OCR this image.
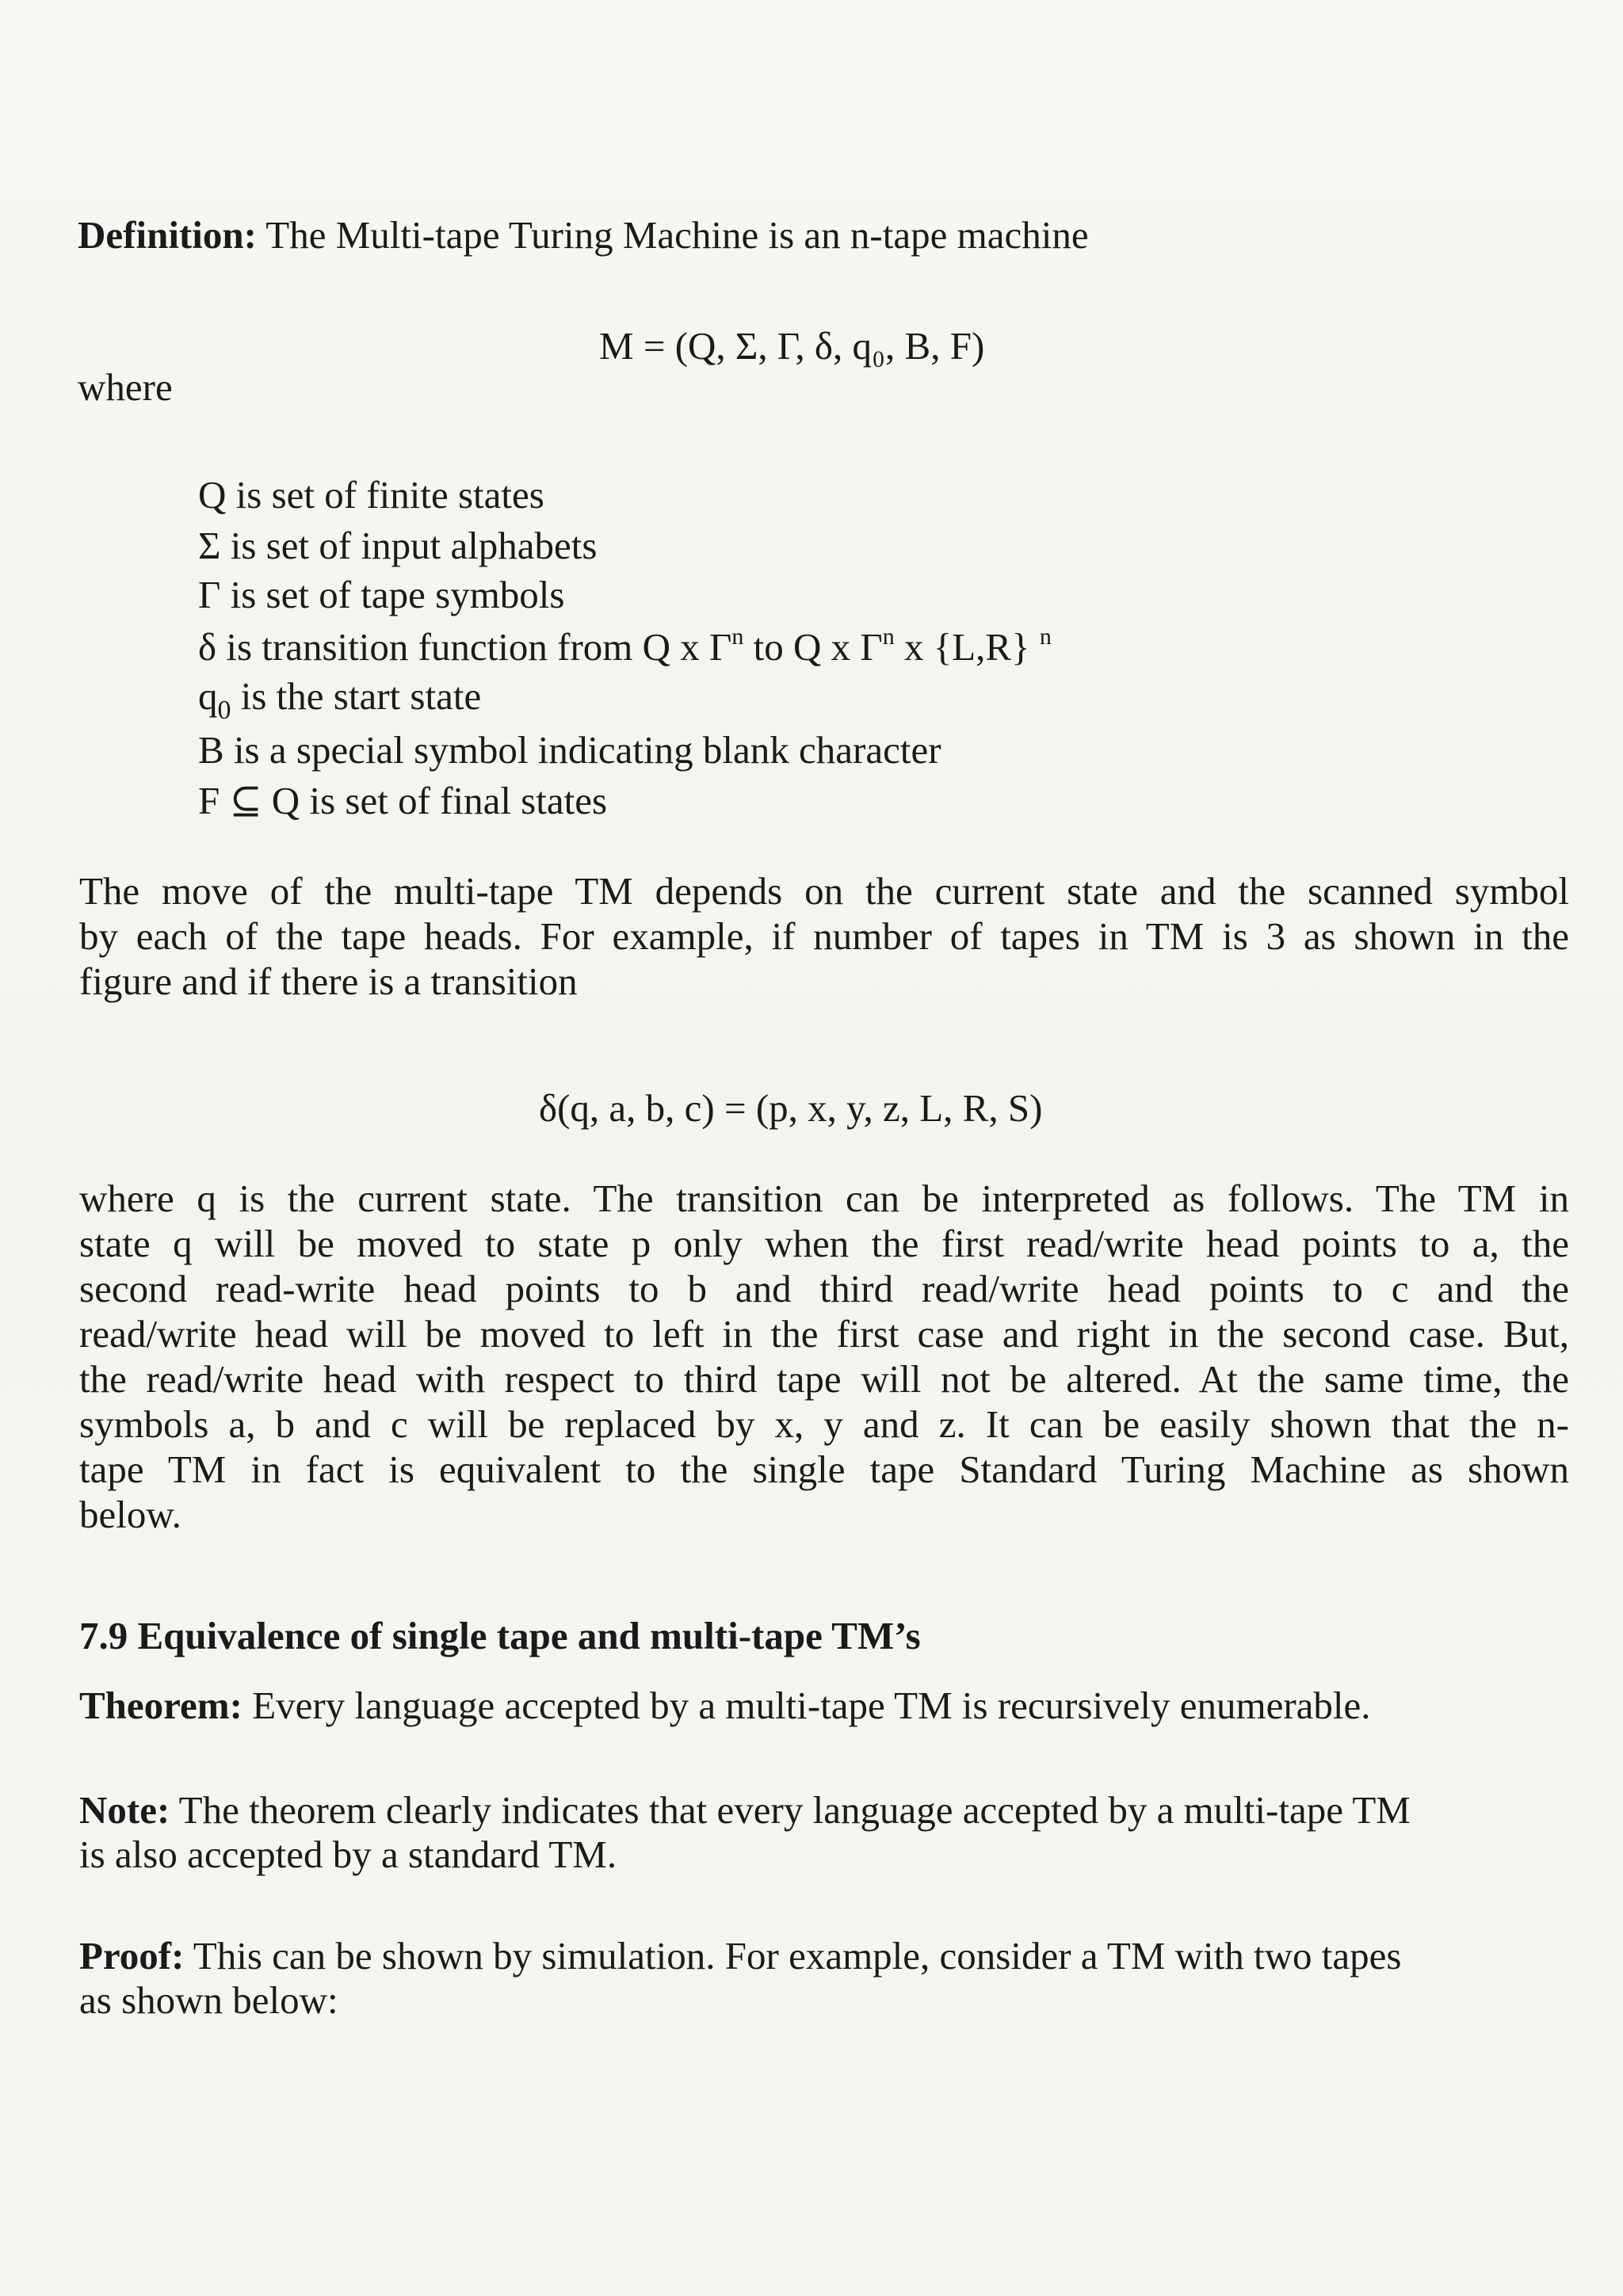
Definition: The Multi-tape Turing Machine is an n-tape machine
M = (Q, Σ, Γ, δ, q₀, B, F)
where
Q is set of finite states
Σ is set of input alphabets
Γ is set of tape symbols
δ is transition function from Q x $\Gamma^n$ to Q x $\Gamma^n$ x {L,R} $^n$
$q_0$ is the start state
B is a special symbol indicating blank character
F ⊆ Q is set of final states
The move of the multi-tape TM depends on the current state and the scanned symbol
by each of the tape heads. For example, if number of tapes in TM is 3 as shown in the
figure and if there is a transition
δ(q, a, b, c) = (p, x, y, z, L, R, S)
where q is the current state. The transition can be interpreted as follows. The TM in
state q will be moved to state p only when the first read/write head points to a, the
second read-write head points to b and third read/write head points to c and the
read/write head will be moved to left in the first case and right in the second case. But,
the read/write head with respect to third tape will not be altered. At the same time, the
symbols a, b and c will be replaced by x, y and z. It can be easily shown that the n-
tape TM in fact is equivalent to the single tape Standard Turing Machine as shown
below.
7.9 Equivalence of single tape and multi-tape TM’s
Theorem: Every language accepted by a multi-tape TM is recursively enumerable.
Note: The theorem clearly indicates that every language accepted by a multi-tape TM
is also accepted by a standard TM.
Proof: This can be shown by simulation. For example, consider a TM with two tapes
as shown below:
